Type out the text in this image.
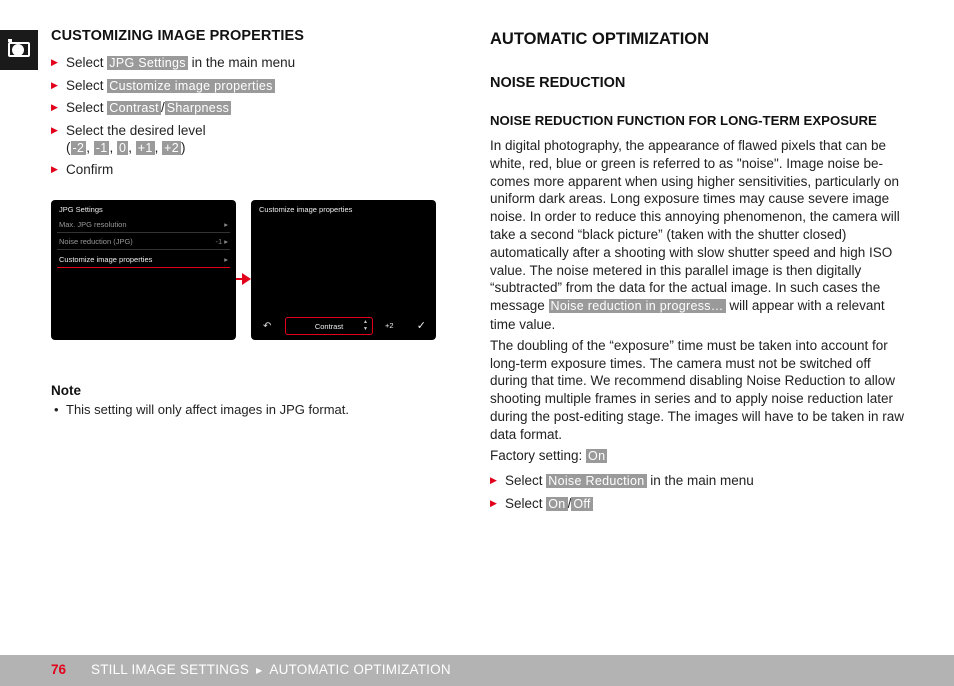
CUSTOMIZING IMAGE PROPERTIES
▶ Select JPG Settings in the main menu
▶ Select Customize image properties
▶ Select Contrast / Sharpness
▶ Select the desired level
( -2 , -1 , 0 , +1 , +2 )
▶ Confirm
JPG Settings
Max. JPG resolution	▸
Noise reduction (JPG)	-1 ▸
Customize image properties	▸
Customize image properties
↶	Contrast	▲
▼ +2 ✓
Note
• This setting will only affect images in JPG format.
AUTOMATIC OPTIMIZATION
NOISE REDUCTION
NOISE REDUCTION FUNCTION FOR LONG-TERM EXPOSURE

In digital photography, the appearance of flawed pixels that can be white, red, blue or green is referred to as "noise". Image noise becomes more apparent when using higher sensitivities, particularly on uniform dark areas. Long exposure times may cause severe image noise. In order to reduce this annoying phenomenon, the camera will take a second “black picture” (taken with the shutter closed) automatically after a shooting with slow shutter speed and high ISO value. The noise metered in this parallel image is then digitally “subtracted” from the data for the actual image. In such cases the message Noise reduction in progress… will appear with a relevant time value.

The doubling of the “exposure” time must be taken into account for long-term exposure times. The camera must not be switched off during that time. We recommend disabling Noise Reduction to allow shooting multiple frames in series and to apply noise reduction later during the post-editing stage. The images will have to be taken in raw data format.

Factory setting: On

▶ Select Noise Reduction in the main menu
▶ Select On / Off
76 STILL IMAGE SETTINGS ▶ AUTOMATIC OPTIMIZATION
